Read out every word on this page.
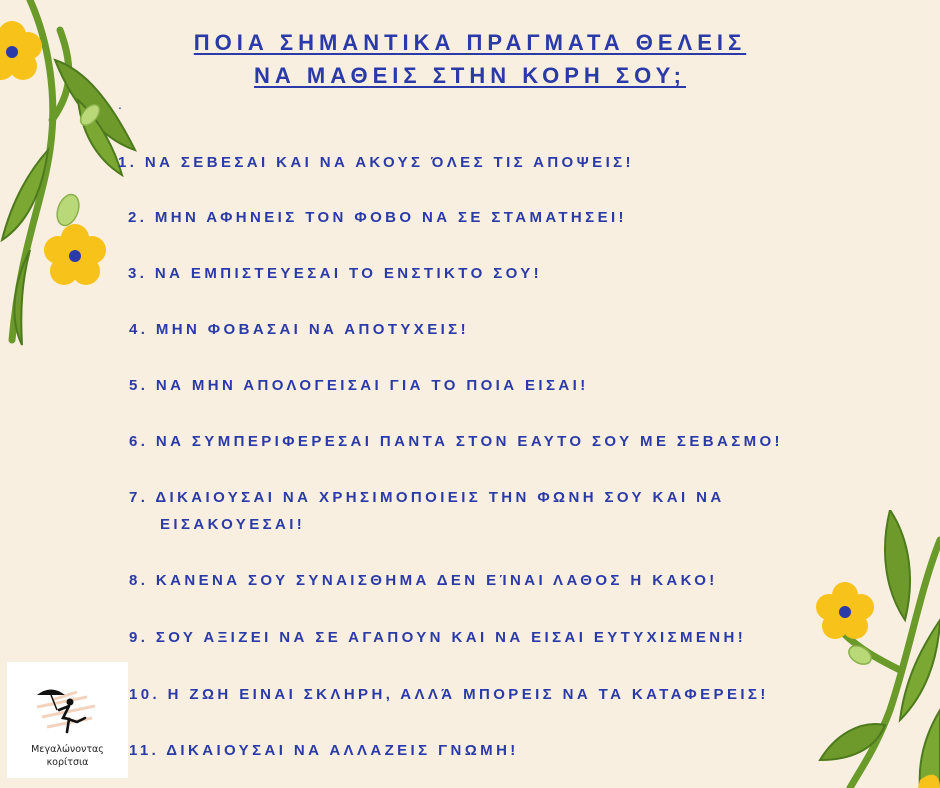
ΠΟΙΑ ΣΗΜΑΝΤΙΚΑ ΠΡΑΓΜΑΤΑ ΘΕΛΕΙΣ
ΝΑ ΜΑΘΕΙΣ ΣΤΗΝ ΚΟΡΗ ΣΟΥ;
.
1. ΝΑ ΣΕΒΕΣΑΙ ΚΑΙ ΝΑ ΑΚΟΥΣ ΌΛΕΣ ΤΙΣ ΑΠΟΨΕΙΣ!
2. ΜΗΝ ΑΦΗΝΕΙΣ ΤΟΝ ΦΟΒΟ ΝΑ ΣΕ ΣΤΑΜΑΤΗΣΕΙ!
3. ΝΑ ΕΜΠΙΣΤΕΥΕΣΑΙ ΤΟ ΕΝΣΤΙΚΤΟ ΣΟΥ!
4. ΜΗΝ ΦΟΒΑΣΑΙ ΝΑ ΑΠΟΤΥΧΕΙΣ!
5. ΝΑ ΜΗΝ ΑΠΟΛΟΓΕΙΣΑΙ ΓΙΑ ΤΟ ΠΟΙΑ ΕΙΣΑΙ!
6. ΝΑ ΣΥΜΠΕΡΙΦΕΡΕΣΑΙ ΠΑΝΤΑ ΣΤΟΝ ΕΑΥΤΟ ΣΟΥ ΜΕ ΣΕΒΑΣΜΟ!
7. ΔΙΚΑΙΟΥΣΑΙ ΝΑ ΧΡΗΣΙΜΟΠΟΙΕΙΣ ΤΗΝ ΦΩΝΗ ΣΟΥ ΚΑΙ ΝΑ
ΕΙΣΑΚΟΥΕΣΑΙ!
8. ΚΑΝΕΝΑ ΣΟΥ ΣΥΝΑΙΣΘΗΜΑ ΔΕΝ ΕΊΝΑΙ ΛΑΘΟΣ Η ΚΑΚΟ!
9. ΣΟΥ ΑΞΙΖΕΙ ΝΑ ΣΕ ΑΓΑΠΟΥΝ ΚΑΙ ΝΑ ΕΙΣΑΙ ΕΥΤΥΧΙΣΜΕΝΗ!
10. Η ΖΩΗ ΕΙΝΑΙ ΣΚΛΗΡΗ, ΑΛΛΆ ΜΠΟΡΕΙΣ ΝΑ ΤΑ ΚΑΤΑΦΕΡΕΙΣ!
11. ΔΙΚΑΙΟΥΣΑΙ ΝΑ ΑΛΛΑΖΕΙΣ ΓΝΩΜΗ!
Μεγαλώνοντας
κορίτσια
